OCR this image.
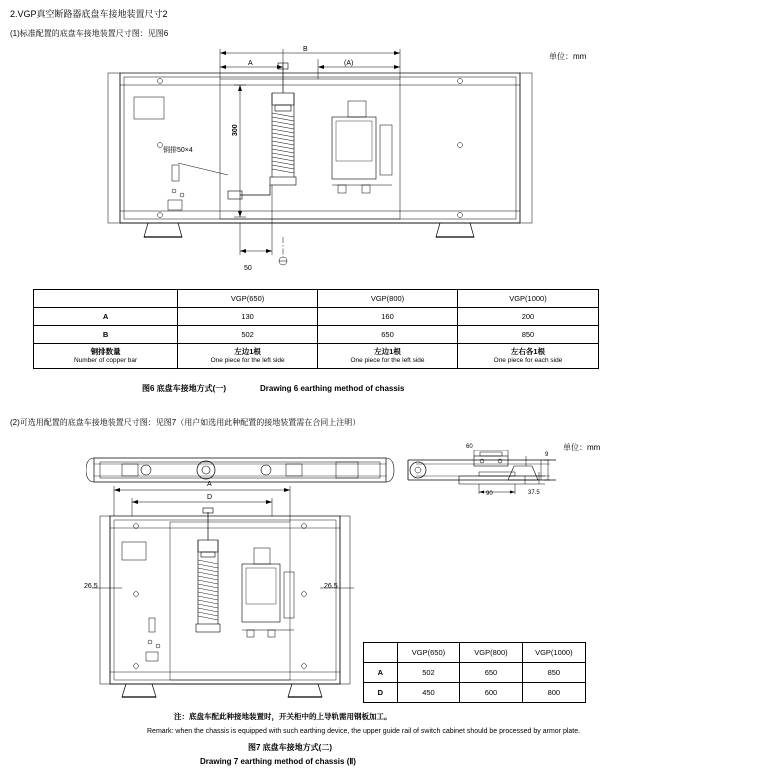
2.VGP真空断路器底盘车接地装置尺寸2
(1)标准配置的底盘车接地装置尺寸图：见图6
单位：mm
B
A	(A)
300
铜排50×4
50
	VGP(650)	VGP(800)	VGP(1000)
A	130	160	200
B	502	650	850

铜排数量
Number of copper bar

左边1根
One piece for the left side

左边1根
One piece for the left side

左右各1根
One piece for each side
图6 底盘车接地方式(一)	Drawing 6 earthing method of chassis
(2)可选用配置的底盘车接地装置尺寸图：见图7（用户如选用此种配置的接地装置需在合同上注明）
单位：mm
60
9
90	37.5
A
D
26.5	26.5
	VGP(650)	VGP(800)	VGP(1000)
A	502	650	850
D	450	600	800
注：底盘车配此种接地装置时，开关柜中的上导轨需用钢板加工。
Remark: when the chassis is equipped with such earthing device, the upper guide rail of switch cabinet should be processed by armor plate.
图7 底盘车接地方式(二)
Drawing 7 earthing method of chassis (Ⅱ)
